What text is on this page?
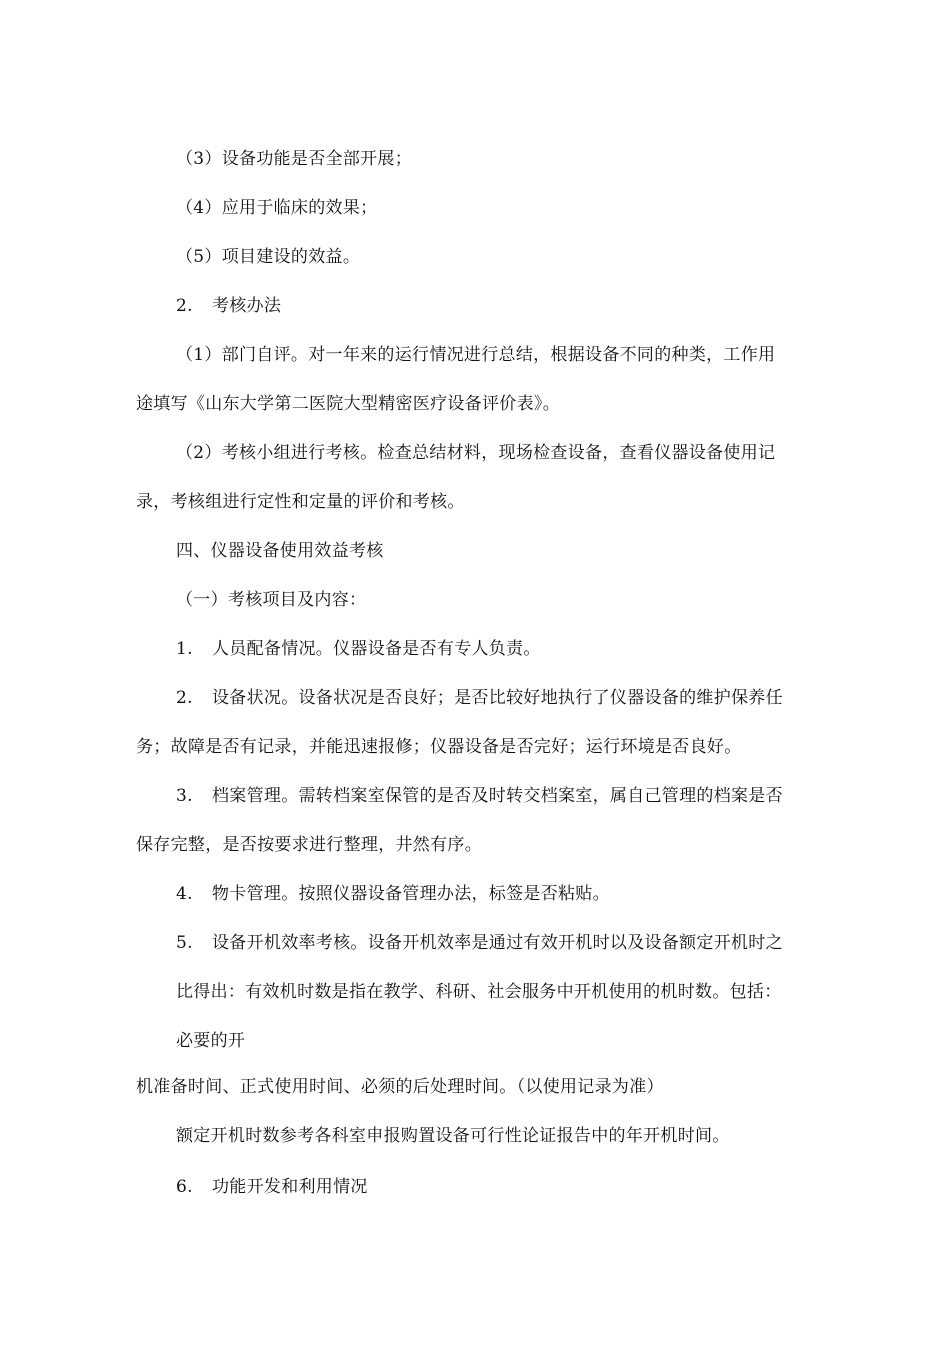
（3）设备功能是否全部开展；
（4）应用于临床的效果；
（5）项目建设的效益。
2. 考核办法
（1）部门自评。对一年来的运行情况进行总结，根据设备不同的种类，工作用
途填写《山东大学第二医院大型精密医疗设备评价表》。
（2）考核小组进行考核。检查总结材料，现场检查设备，查看仪器设备使用记
录，考核组进行定性和定量的评价和考核。
四、仪器设备使用效益考核
（一）考核项目及内容：
1. 人员配备情况。仪器设备是否有专人负责。
2. 设备状况。设备状况是否良好；是否比较好地执行了仪器设备的维护保养任
务；故障是否有记录，并能迅速报修；仪器设备是否完好；运行环境是否良好。
3. 档案管理。需转档案室保管的是否及时转交档案室，属自己管理的档案是否
保存完整，是否按要求进行整理，井然有序。
4. 物卡管理。按照仪器设备管理办法，标签是否粘贴。
5. 设备开机效率考核。设备开机效率是通过有效开机时以及设备额定开机时之
比得出：有效机时数是指在教学、科研、社会服务中开机使用的机时数。包括：
必要的开
机准备时间、正式使用时间、必须的后处理时间。（以使用记录为准）
额定开机时数参考各科室申报购置设备可行性论证报告中的年开机时间。
6. 功能开发和利用情况
